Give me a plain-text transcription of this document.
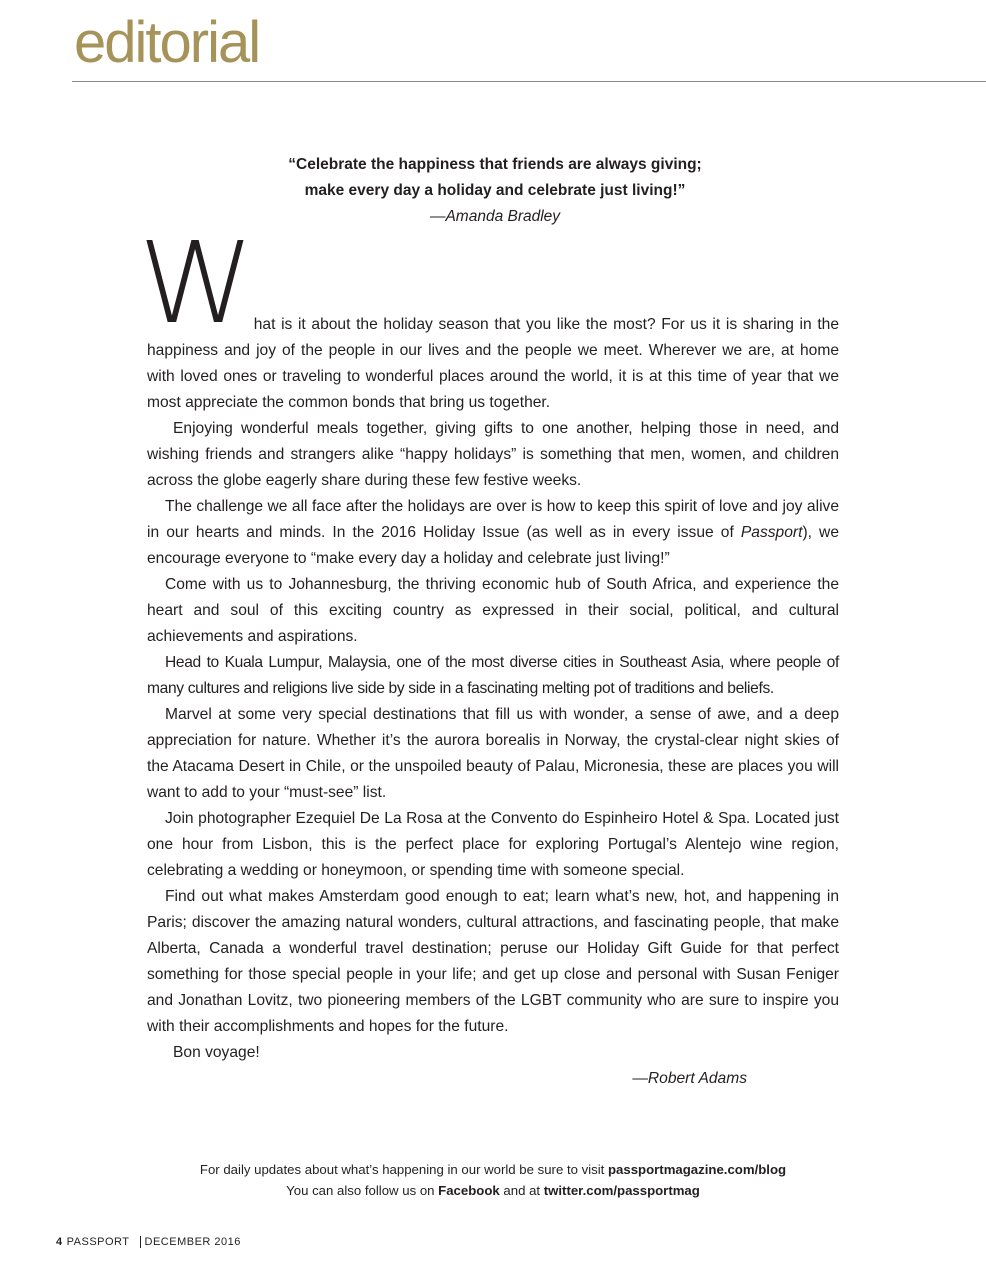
editorial
“Celebrate the happiness that friends are always giving;
make every day a holiday and celebrate just living!”
—Amanda Bradley

What is it about the holiday season that you like the most? For us it is sharing in the happiness and joy of the people in our lives and the people we meet. Wherever we are, at home with loved ones or traveling to wonderful places around the world, it is at this time of year that we most appreciate the common bonds that bring us together.

Enjoying wonderful meals together, giving gifts to one another, helping those in need, and wishing friends and strangers alike “happy holidays” is something that men, women, and children across the globe eagerly share during these few festive weeks.

The challenge we all face after the holidays are over is how to keep this spirit of love and joy alive in our hearts and minds. In the 2016 Holiday Issue (as well as in every issue of Passport), we encourage everyone to “make every day a holiday and celebrate just living!”

Come with us to Johannesburg, the thriving economic hub of South Africa, and experience the heart and soul of this exciting country as expressed in their social, political, and cultural achievements and aspirations.

Head to Kuala Lumpur, Malaysia, one of the most diverse cities in Southeast Asia, where people of many cultures and religions live side by side in a fascinating melting pot of traditions and beliefs.

Marvel at some very special destinations that fill us with wonder, a sense of awe, and a deep appreciation for nature. Whether it’s the aurora borealis in Norway, the crystal-clear night skies of the Atacama Desert in Chile, or the unspoiled beauty of Palau, Micronesia, these are places you will want to add to your “must-see” list.

Join photographer Ezequiel De La Rosa at the Convento do Espinheiro Hotel & Spa. Located just one hour from Lisbon, this is the perfect place for exploring Portugal’s Alentejo wine region, celebrating a wedding or honeymoon, or spending time with someone special.

Find out what makes Amsterdam good enough to eat; learn what’s new, hot, and happening in Paris; discover the amazing natural wonders, cultural attractions, and fascinating people, that make Alberta, Canada a wonderful travel destination; peruse our Holiday Gift Guide for that perfect something for those special people in your life; and get up close and personal with Susan Feniger and Jonathan Lovitz, two pioneering members of the LGBT community who are sure to inspire you with their accomplishments and hopes for the future.

Bon voyage!

—Robert Adams

For daily updates about what’s happening in our world be sure to visit passportmagazine.com/blog
You can also follow us on Facebook and at twitter.com/passportmag
4 PASSPORT DECEMBER 2016
